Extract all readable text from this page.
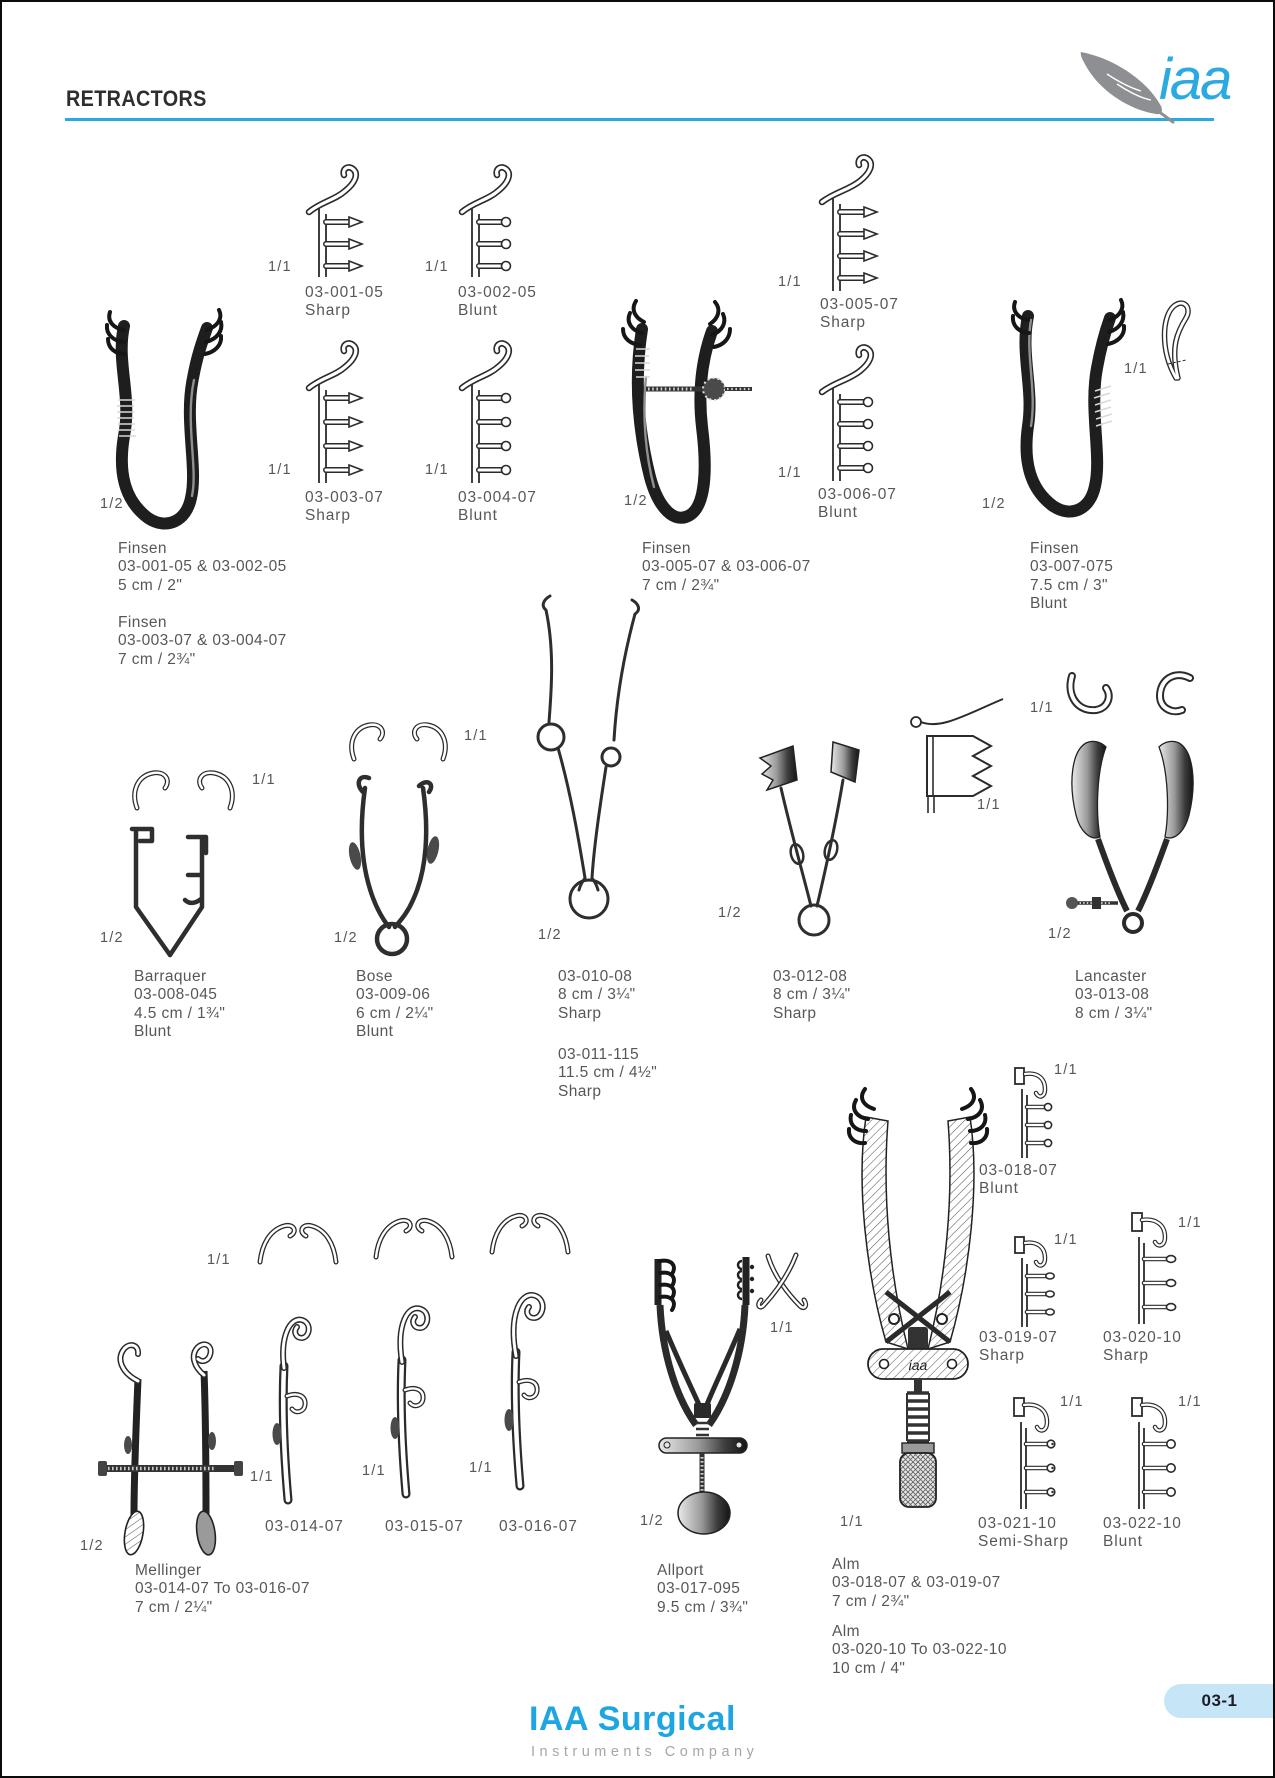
RETRACTORS	iaa
1/2
1/1
03-001-05
Sharp
1/1
03-002-05
Blunt
1/1
03-003-07
Sharp
1/1
03-004-07
Blunt
Finsen
03-001-05 & 03-002-05
5 cm / 2"
Finsen
03-003-07 & 03-004-07
7 cm / 2¾"
1/2
1/1
03-005-07
Sharp
1/1
03-006-07
Blunt
Finsen
03-005-07 & 03-006-07
7 cm / 2¾"
1/2
1/1
Finsen
03-007-075
7.5 cm / 3"
Blunt
1/1
1/2
Barraquer
03-008-045
4.5 cm / 1¾"
Blunt
1/1
1/2
Bose
03-009-06
6 cm / 2¼"
Blunt
1/2
03-010-08
8 cm / 3¼"
Sharp
03-011-115
11.5 cm / 4½"
Sharp
1/2
1/1
03-012-08
8 cm / 3¼"
Sharp
1/1
1/2
Lancaster
03-013-08
8 cm / 3¼"
1/1
1/2
1/1
03-014-07
1/1
03-015-07
1/1
03-016-07
Mellinger
03-014-07 To 03-016-07
7 cm / 2¼"
1/2
1/1
Allport
03-017-095
9.5 cm / 3¾"
iaa
1/1
1/1
03-018-07
Blunt
1/1
03-019-07
Sharp
1/1
03-020-10
Sharp
1/1
03-021-10
Semi-Sharp
1/1
03-022-10
Blunt
Alm
03-018-07 & 03-019-07
7 cm / 2¾"
Alm
03-020-10 To 03-022-10
10 cm / 4"
IAA Surgical
Instruments Company
03-1
